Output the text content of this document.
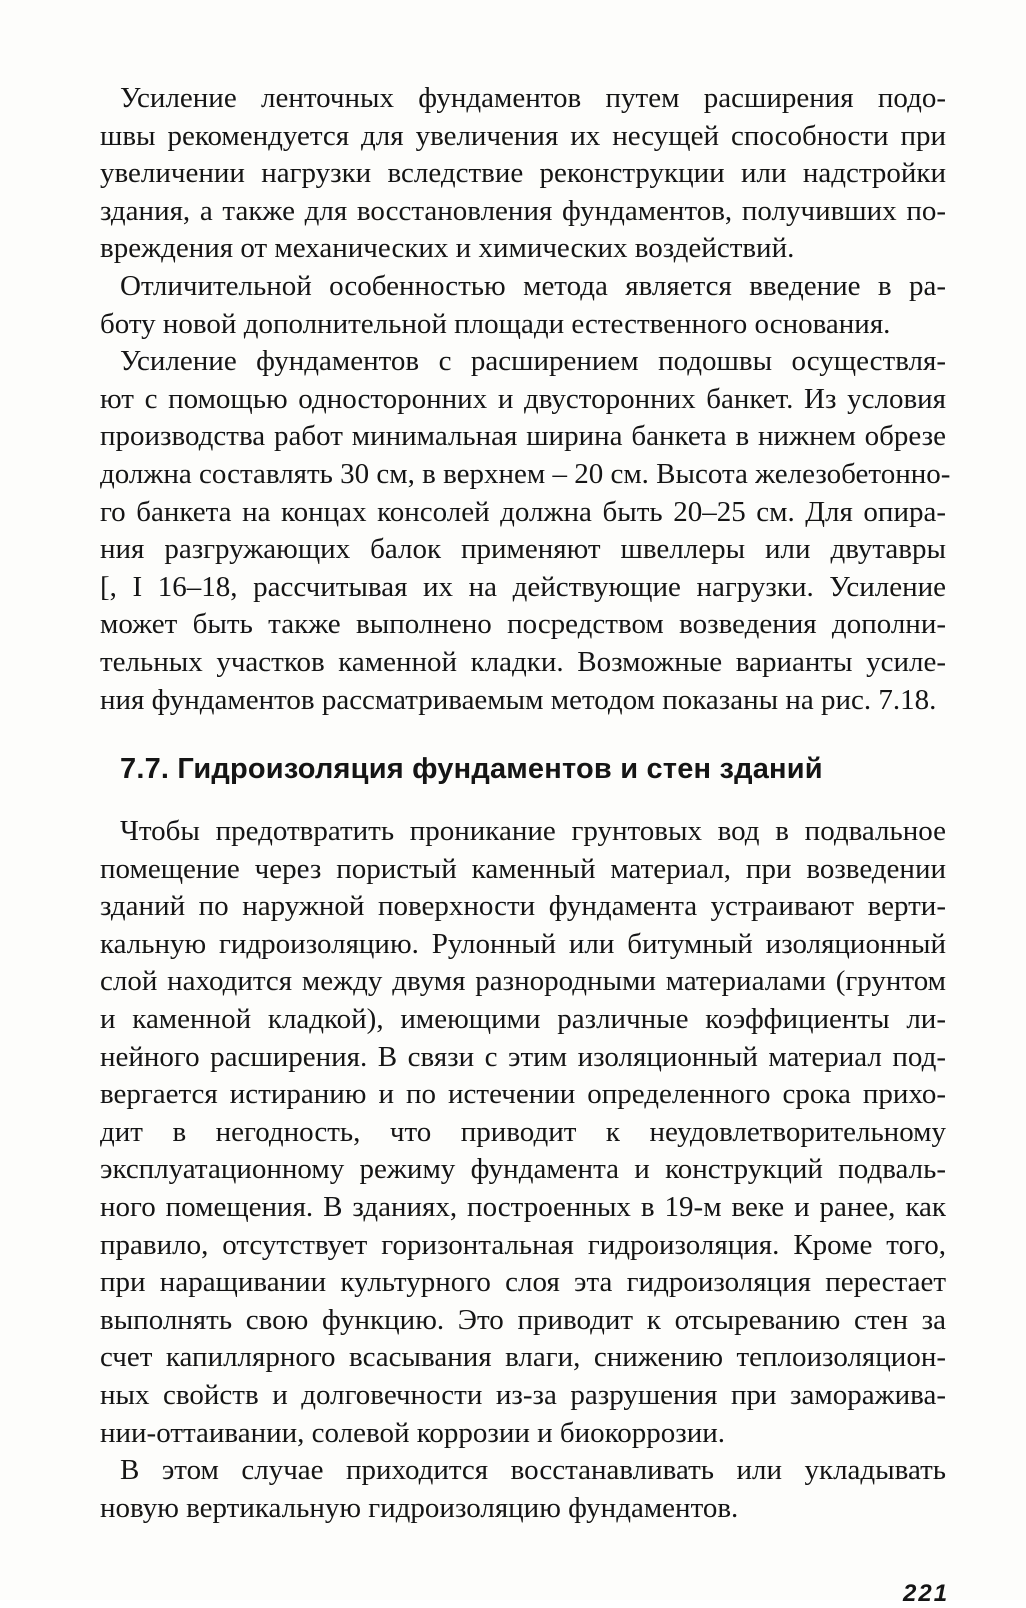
Усиление ленточных фундаментов путем расширения подо-
швы рекомендуется для увеличения их несущей способности при
увеличении нагрузки вследствие реконструкции или надстройки
здания, а также для восстановления фундаментов, получивших по-
вреждения от механических и химических воздействий.
Отличительной особенностью метода является введение в ра-
боту новой дополнительной площади естественного основания.
Усиление фундаментов с расширением подошвы осуществля-
ют с помощью односторонних и двусторонних банкет. Из условия
производства работ минимальная ширина банкета в нижнем обрезе
должна составлять 30 см, в верхнем – 20 см. Высота железобетонно-
го банкета на концах консолей должна быть 20–25 см. Для опира-
ния разгружающих балок применяют швеллеры или двутавры
[, I 16–18, рассчитывая их на действующие нагрузки. Усиление
может быть также выполнено посредством возведения дополни-
тельных участков каменной кладки. Возможные варианты усиле-
ния фундаментов рассматриваемым методом показаны на рис. 7.18.
7.7. Гидроизоляция фундаментов и стен зданий
Чтобы предотвратить проникание грунтовых вод в подвальное
помещение через пористый каменный материал, при возведении
зданий по наружной поверхности фундамента устраивают верти-
кальную гидроизоляцию. Рулонный или битумный изоляционный
слой находится между двумя разнородными материалами (грунтом
и каменной кладкой), имеющими различные коэффициенты ли-
нейного расширения. В связи с этим изоляционный материал под-
вергается истиранию и по истечении определенного срока прихо-
дит в негодность, что приводит к неудовлетворительному
эксплуатационному режиму фундамента и конструкций подваль-
ного помещения. В зданиях, построенных в 19-м веке и ранее, как
правило, отсутствует горизонтальная гидроизоляция. Кроме того,
при наращивании культурного слоя эта гидроизоляция перестает
выполнять свою функцию. Это приводит к отсыреванию стен за
счет капиллярного всасывания влаги, снижению теплоизоляцион-
ных свойств и долговечности из-за разрушения при заморажива-
нии-оттаивании, солевой коррозии и биокоррозии.
В этом случае приходится восстанавливать или укладывать
новую вертикальную гидроизоляцию фундаментов.
221
